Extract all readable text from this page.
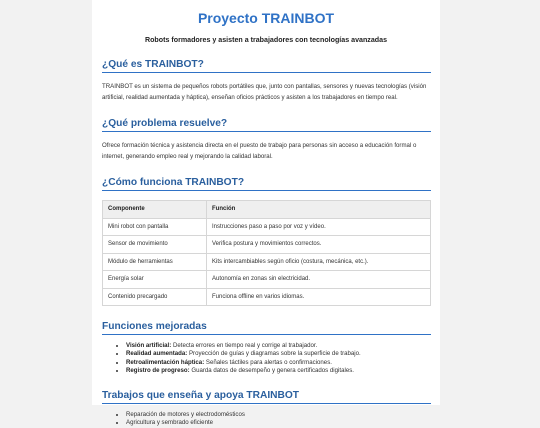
Proyecto TRAINBOT
Robots formadores y asisten a trabajadores con tecnologías avanzadas
¿Qué es TRAINBOT?

TRAINBOT es un sistema de pequeños robots portátiles que, junto con pantallas, sensores y nuevas tecnologías (visión artificial, realidad aumentada y háptica), enseñan oficios prácticos y asisten a los trabajadores en tiempo real.

¿Qué problema resuelve?

Ofrece formación técnica y asistencia directa en el puesto de trabajo para personas sin acceso a educación formal o internet, generando empleo real y mejorando la calidad laboral.

¿Cómo funciona TRAINBOT?
Componente	Función
Mini robot con pantalla	Instrucciones paso a paso por voz y vídeo.
Sensor de movimiento	Verifica postura y movimientos correctos.
Módulo de herramientas	Kits intercambiables según oficio (costura, mecánica, etc.).
Energía solar	Autonomía en zonas sin electricidad.
Contenido precargado	Funciona offline en varios idiomas.
Funciones mejoradas
• Visión artificial: Detecta errores en tiempo real y corrige al trabajador.
• Realidad aumentada: Proyección de guías y diagramas sobre la superficie de trabajo.
• Retroalimentación háptica: Señales táctiles para alertas o confirmaciones.
• Registro de progreso: Guarda datos de desempeño y genera certificados digitales.
Trabajos que enseña y apoya TRAINBOT
• Reparación de motores y electrodomésticos
• Agricultura y sembrado eficiente
